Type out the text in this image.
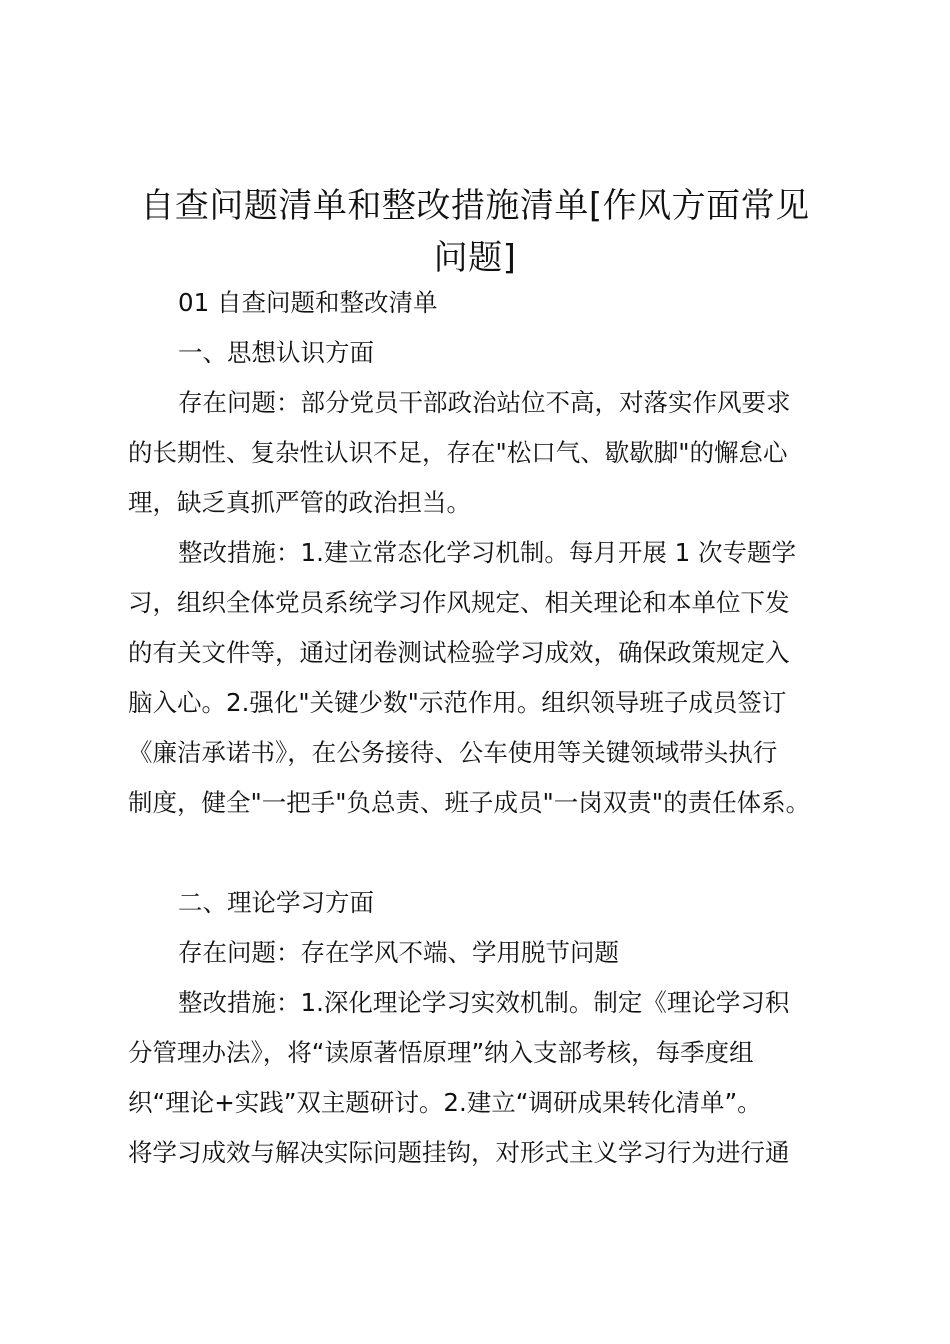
自查问题清单和整改措施清单[作风方面常见
问题]

01 自查问题和整改清单

一、思想认识方面

存在问题：部分党员干部政治站位不高，对落实作风要求

的长期性、复杂性认识不足，存在"松口气、歇歇脚"的懈怠心

理，缺乏真抓严管的政治担当。

整改措施：1.建立常态化学习机制。每月开展 1 次专题学

习，组织全体党员系统学习作风规定、相关理论和本单位下发

的有关文件等，通过闭卷测试检验学习成效，确保政策规定入

脑入心。2.强化"关键少数"示范作用。组织领导班子成员签订

《廉洁承诺书》，在公务接待、公车使用等关键领域带头执行

制度，健全"一把手"负总责、班子成员"一岗双责"的责任体系。

二、理论学习方面

存在问题：存在学风不端、学用脱节问题

整改措施：1.深化理论学习实效机制。制定《理论学习积

分管理办法》，将“读原著悟原理”纳入支部考核，每季度组

织“理论+实践”双主题研讨。2.建立“调研成果转化清单”。

将学习成效与解决实际问题挂钩，对形式主义学习行为进行通
